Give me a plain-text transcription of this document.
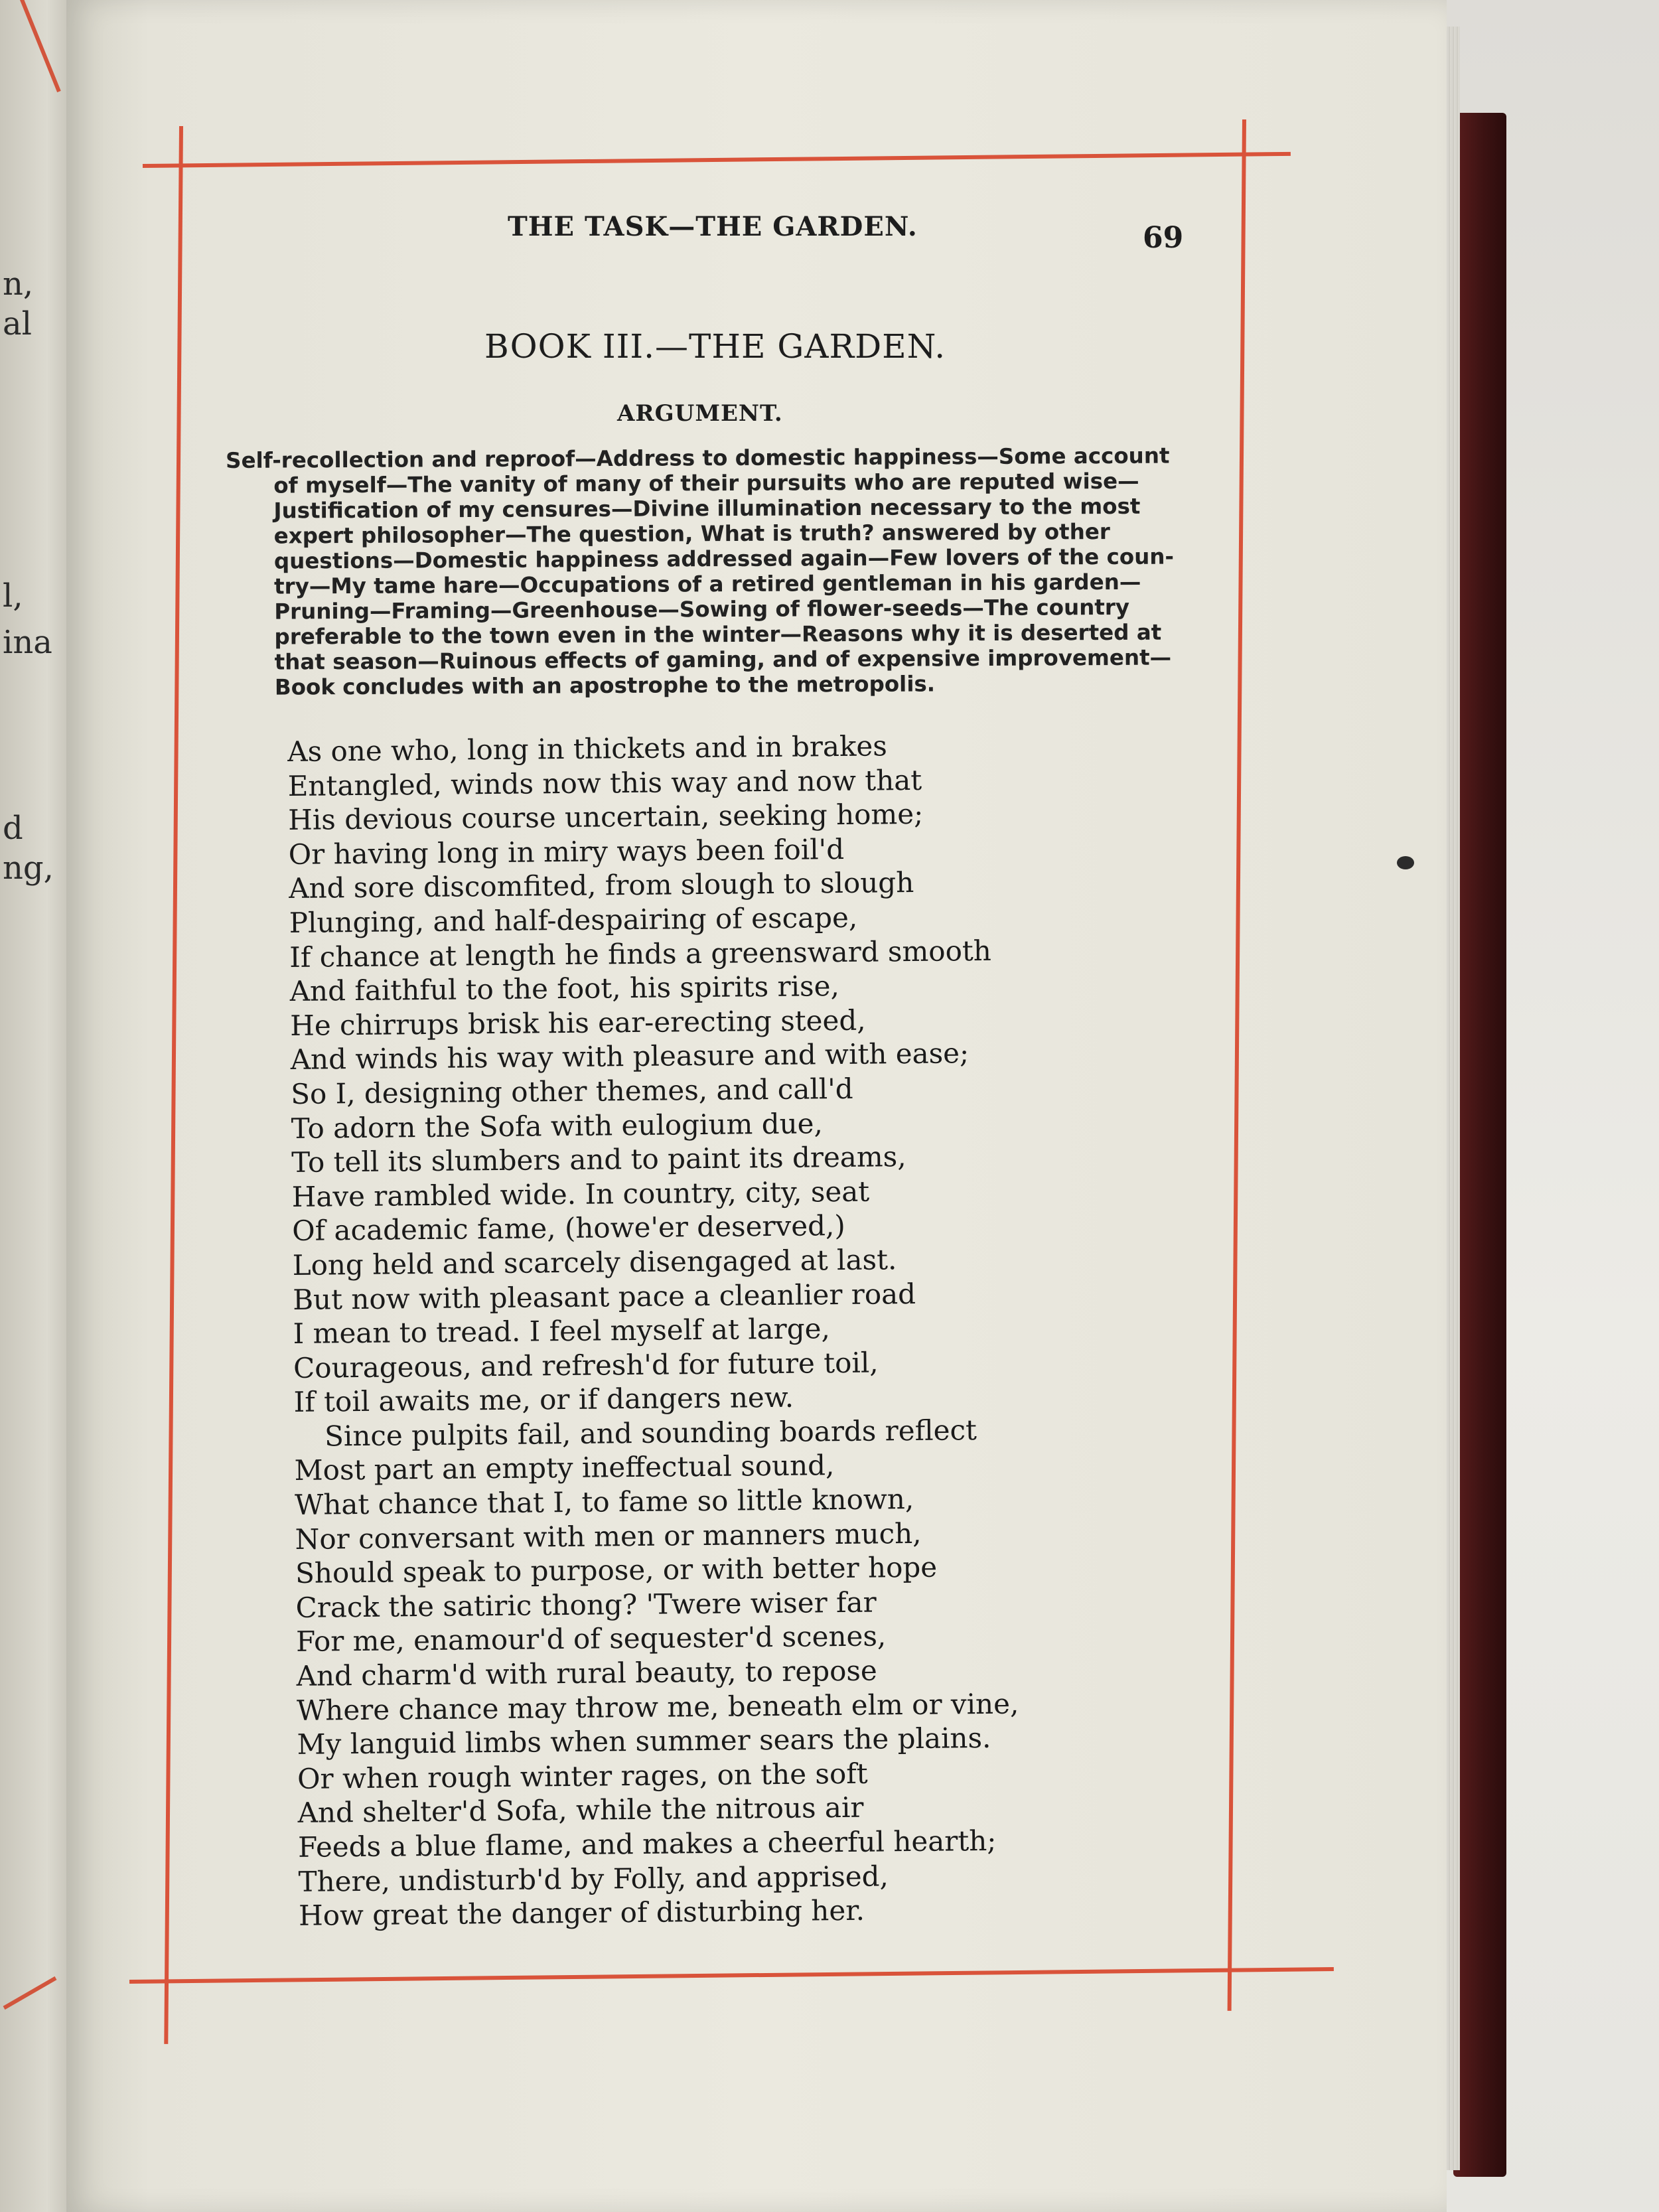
n,
al
l,
ina
d
ng,
THE TASK—THE GARDEN.	69
BOOK III.—THE GARDEN.
ARGUMENT.
Self-recollection and reproof—Address to domestic happiness—Some account
of myself—The vanity of many of their pursuits who are reputed wise—
Justification of my censures—Divine illumination necessary to the most
expert philosopher—The question, What is truth? answered by other
questions—Domestic happiness addressed again—Few lovers of the coun-
try—My tame hare—Occupations of a retired gentleman in his garden—
Pruning—Framing—Greenhouse—Sowing of flower-seeds—The country
preferable to the town even in the winter—Reasons why it is deserted at
that season—Ruinous effects of gaming, and of expensive improvement—
Book concludes with an apostrophe to the metropolis.
As one who, long in thickets and in brakes
Entangled, winds now this way and now that
His devious course uncertain, seeking home;
Or having long in miry ways been foil'd
And sore discomfited, from slough to slough
Plunging, and half-despairing of escape,
If chance at length he finds a greensward smooth
And faithful to the foot, his spirits rise,
He chirrups brisk his ear-erecting steed,
And winds his way with pleasure and with ease;
So I, designing other themes, and call'd
To adorn the Sofa with eulogium due,
To tell its slumbers and to paint its dreams,
Have rambled wide. In country, city, seat
Of academic fame, (howe'er deserved,)
Long held and scarcely disengaged at last.
But now with pleasant pace a cleanlier road
I mean to tread. I feel myself at large,
Courageous, and refresh'd for future toil,
If toil awaits me, or if dangers new.
Since pulpits fail, and sounding boards reflect
Most part an empty ineffectual sound,
What chance that I, to fame so little known,
Nor conversant with men or manners much,
Should speak to purpose, or with better hope
Crack the satiric thong? 'Twere wiser far
For me, enamour'd of sequester'd scenes,
And charm'd with rural beauty, to repose
Where chance may throw me, beneath elm or vine,
My languid limbs when summer sears the plains.
Or when rough winter rages, on the soft
And shelter'd Sofa, while the nitrous air
Feeds a blue flame, and makes a cheerful hearth;
There, undisturb'd by Folly, and apprised,
How great the danger of disturbing her.
